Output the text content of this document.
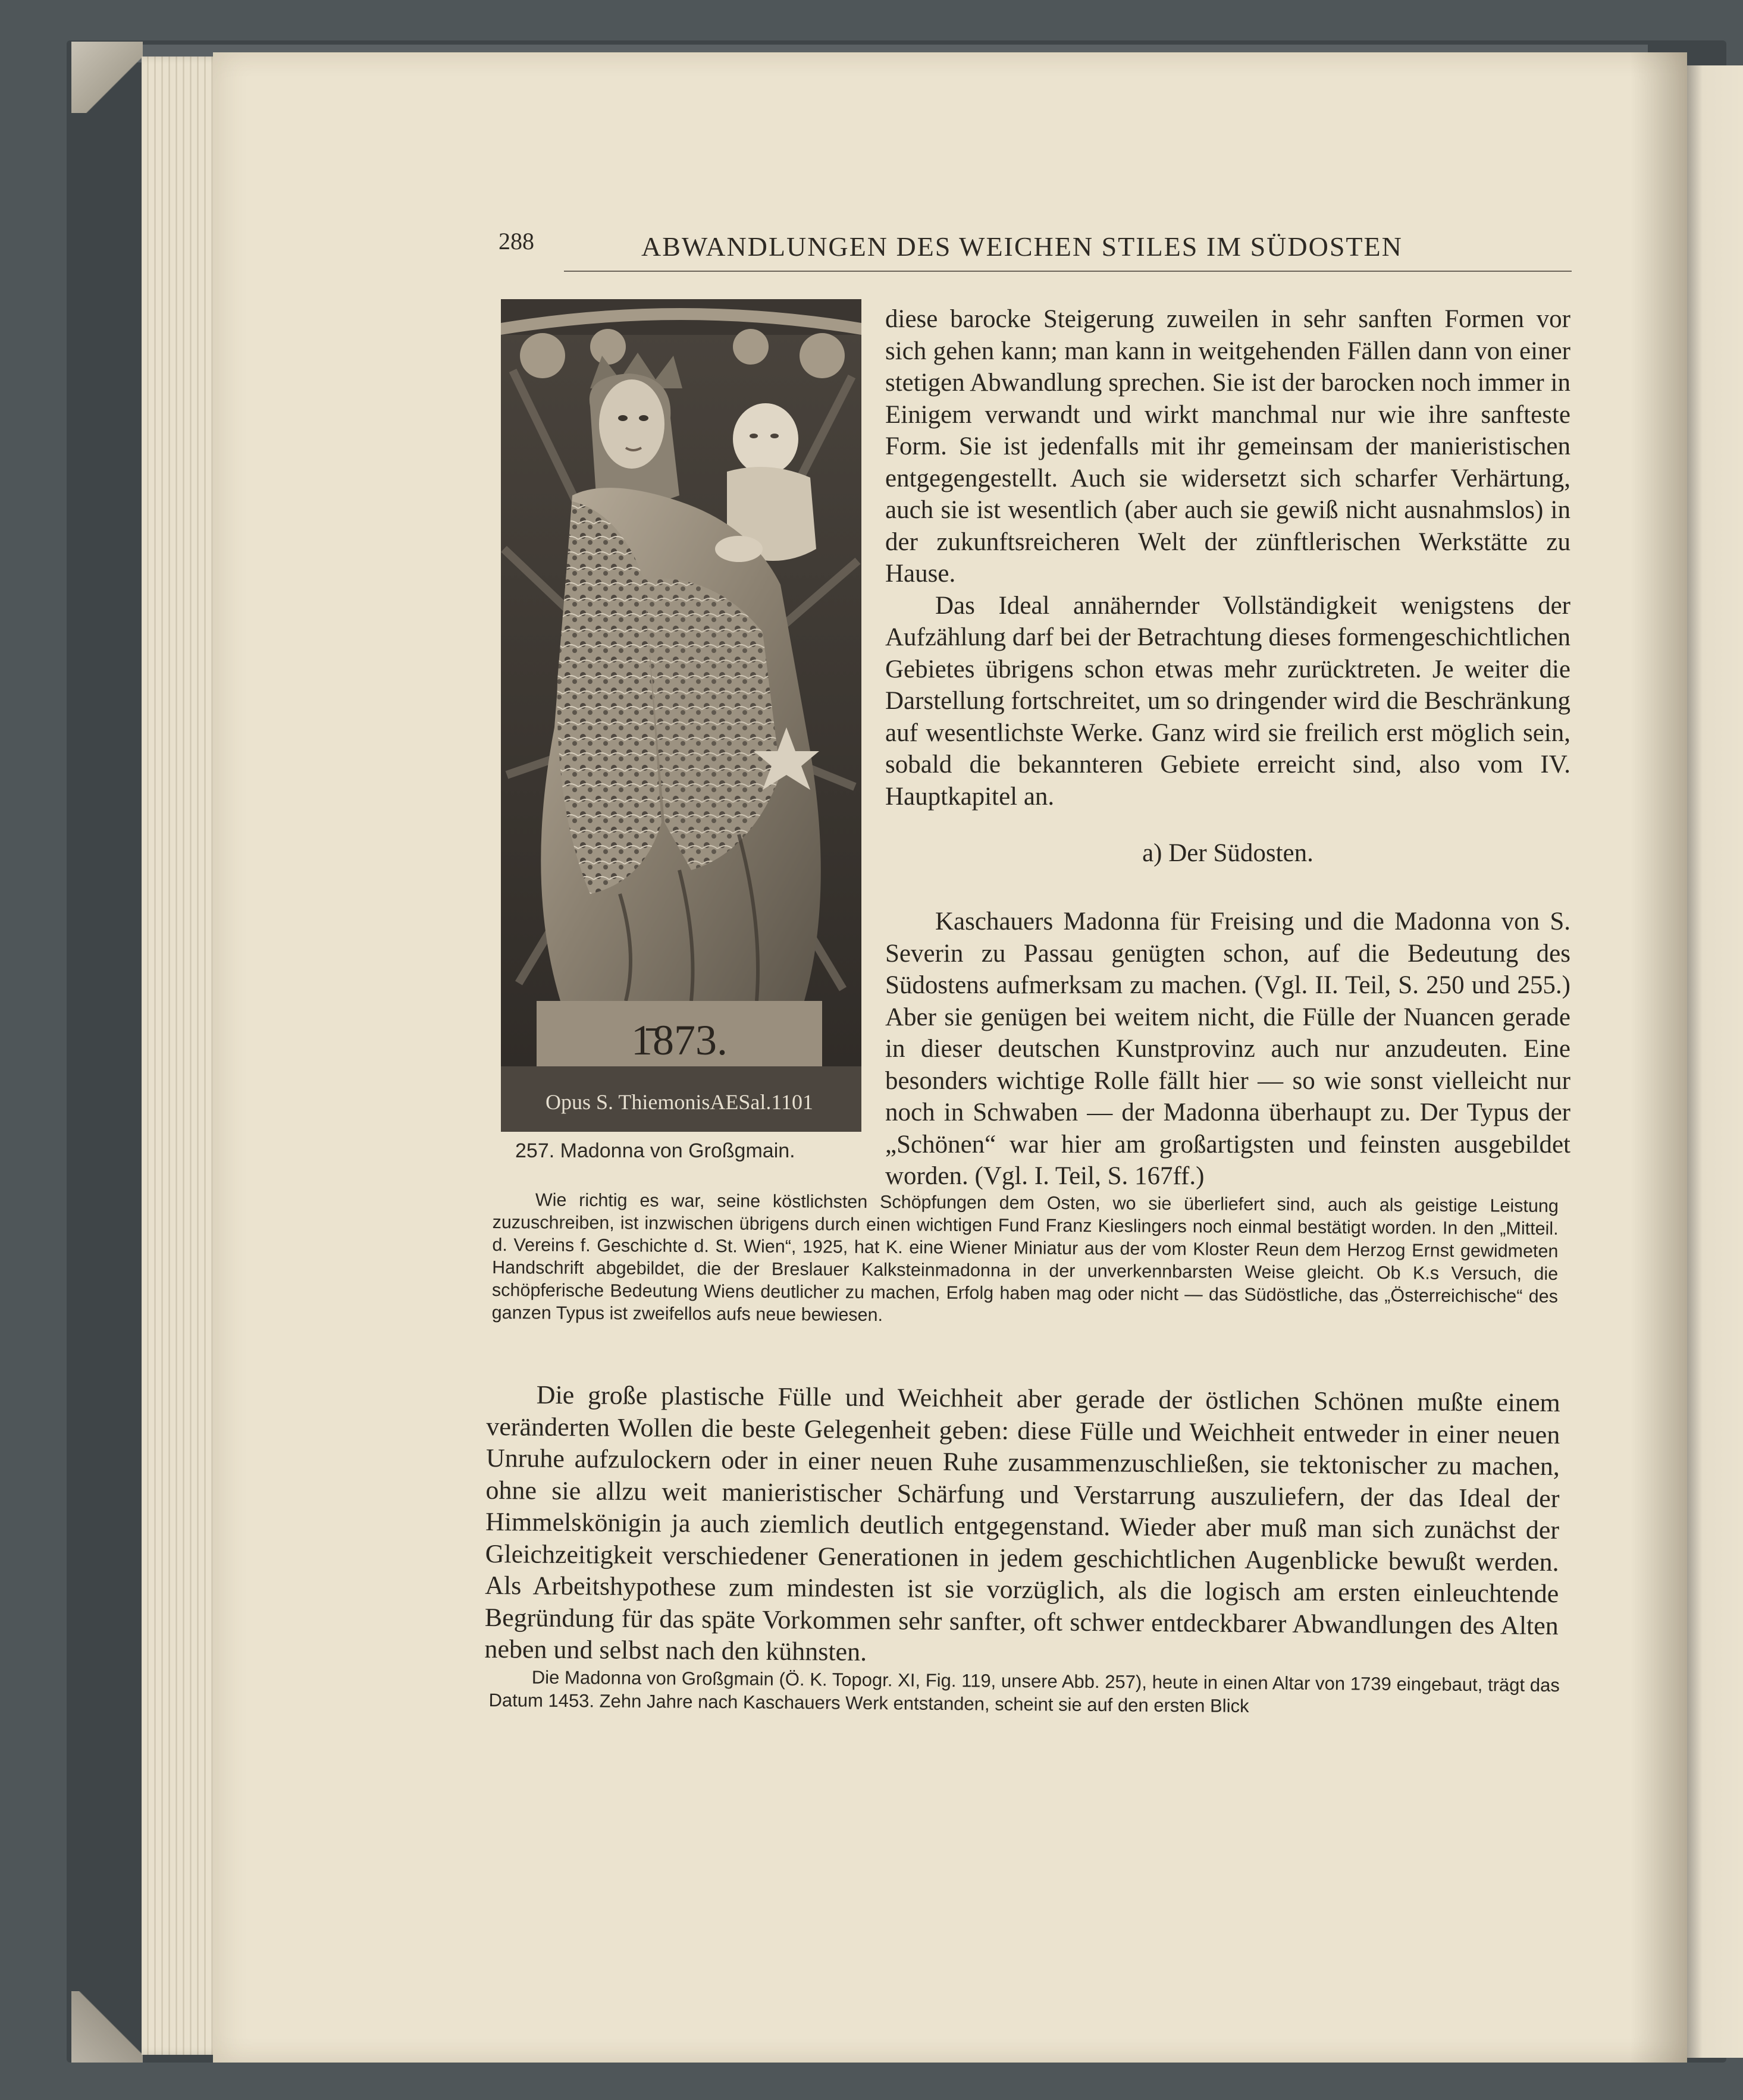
288	ABWANDLUNGEN DES WEICHEN STILES IM SÜDOSTEN
1̄873.
Opus S. ThiemonisAESal.1101
257. Madonna von Großgmain.

diese barocke Steigerung zuweilen in sehr sanften Formen vor sich gehen kann; man kann in weitgehenden Fällen dann von einer stetigen Abwandlung sprechen. Sie ist der barocken noch immer in Einigem verwandt und wirkt manchmal nur wie ihre sanfteste Form. Sie ist jedenfalls mit ihr gemeinsam der manieristischen entgegengestellt. Auch sie widersetzt sich scharfer Verhärtung, auch sie ist wesentlich (aber auch sie gewiß nicht ausnahmslos) in der zukunftsreicheren Welt der zünftlerischen Werkstätte zu Hause.

Das Ideal annähernder Vollständigkeit wenigstens der Aufzählung darf bei der Betrachtung dieses formengeschichtlichen Gebietes übrigens schon etwas mehr zurücktreten. Je weiter die Darstellung fortschreitet, um so dringender wird die Beschränkung auf wesentlichste Werke. Ganz wird sie freilich erst möglich sein, sobald die bekannteren Gebiete erreicht sind, also vom IV. Hauptkapitel an.

a) Der Südosten.

Kaschauers Madonna für Freising und die Madonna von S. Severin zu Passau genügten schon, auf die Bedeutung des Südostens aufmerksam zu machen. (Vgl. II. Teil, S. 250 und 255.) Aber sie genügen bei weitem nicht, die Fülle der Nuancen gerade in dieser deutschen Kunstprovinz auch nur anzudeuten. Eine besonders wichtige Rolle fällt hier — so wie sonst vielleicht nur noch in Schwaben — der Madonna überhaupt zu. Der Typus der „Schönen“ war hier am großartigsten und feinsten ausgebildet worden. (Vgl. I. Teil, S. 167ff.)

Wie richtig es war, seine köstlichsten Schöpfungen dem Osten, wo sie überliefert sind, auch als geistige Leistung zuzuschreiben, ist inzwischen übrigens durch einen wichtigen Fund Franz Kieslingers noch einmal bestätigt worden. In den „Mitteil. d. Vereins f. Geschichte d. St. Wien“, 1925, hat K. eine Wiener Miniatur aus der vom Kloster Reun dem Herzog Ernst gewidmeten Handschrift abgebildet, die der Breslauer Kalksteinmadonna in der unverkennbarsten Weise gleicht. Ob K.s Versuch, die schöpferische Bedeutung Wiens deutlicher zu machen, Erfolg haben mag oder nicht — das Südöstliche, das „Österreichische“ des ganzen Typus ist zweifellos aufs neue bewiesen.

Die große plastische Fülle und Weichheit aber gerade der östlichen Schönen mußte einem veränderten Wollen die beste Gelegenheit geben: diese Fülle und Weichheit entweder in einer neuen Unruhe aufzulockern oder in einer neuen Ruhe zusammenzuschließen, sie tektonischer zu machen, ohne sie allzu weit manieristischer Schärfung und Verstarrung auszuliefern, der das Ideal der Himmelskönigin ja auch ziemlich deutlich entgegenstand. Wieder aber muß man sich zunächst der Gleichzeitigkeit verschiedener Generationen in jedem geschichtlichen Augenblicke bewußt werden. Als Arbeitshypothese zum mindesten ist sie vorzüglich, als die logisch am ersten einleuchtende Begründung für das späte Vorkommen sehr sanfter, oft schwer entdeckbarer Abwandlungen des Alten neben und selbst nach den kühnsten.

Die Madonna von Großgmain (Ö. K. Topogr. XI, Fig. 119, unsere Abb. 257), heute in einen Altar von 1739 eingebaut, trägt das Datum 1453. Zehn Jahre nach Kaschauers Werk entstanden, scheint sie auf den ersten Blick
